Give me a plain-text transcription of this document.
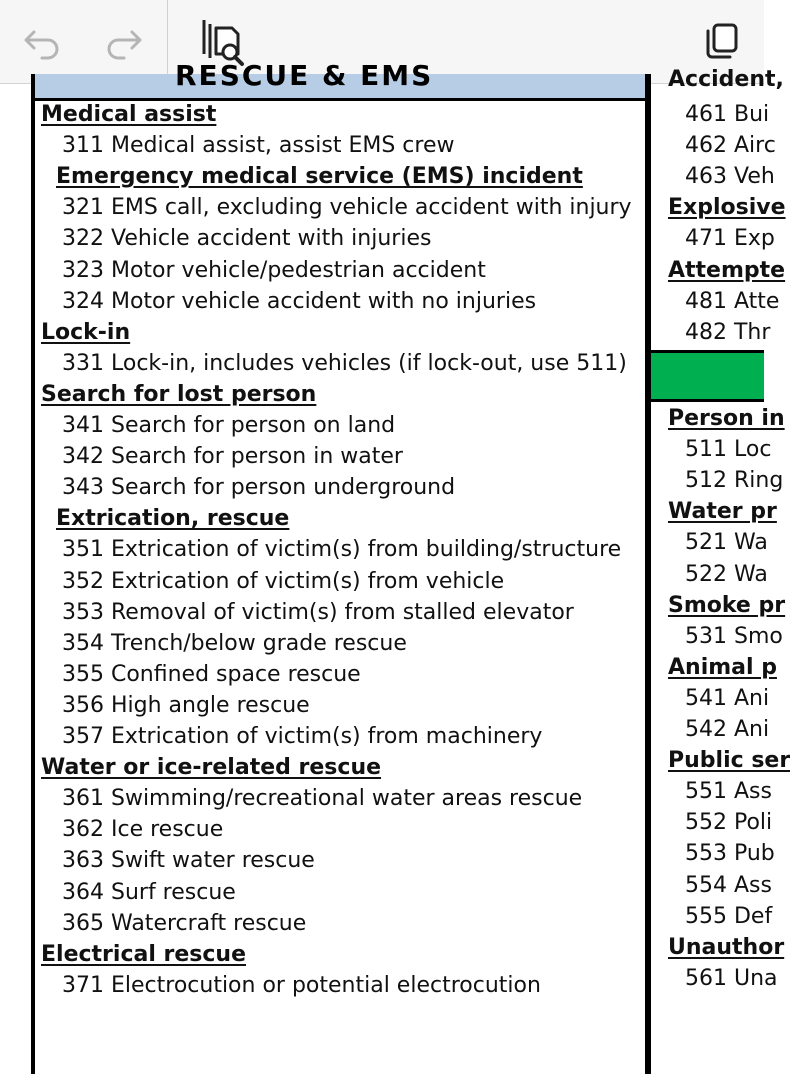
RESCUE & EMS
Medical assist
311 Medical assist, assist EMS crew
Emergency medical service (EMS) incident
321 EMS call, excluding vehicle accident with injury
322 Vehicle accident with injuries
323 Motor vehicle/pedestrian accident
324 Motor vehicle accident with no injuries
Lock-in
331 Lock-in, includes vehicles (if lock-out, use 511)
Search for lost person
341 Search for person on land
342 Search for person in water
343 Search for person underground
Extrication, rescue
351 Extrication of victim(s) from building/structure
352 Extrication of victim(s) from vehicle
353 Removal of victim(s) from stalled elevator
354 Trench/below grade rescue
355 Confined space rescue
356 High angle rescue
357 Extrication of victim(s) from machinery
Water or ice-related rescue
361 Swimming/recreational water areas rescue
362 Ice rescue
363 Swift water rescue
364 Surf rescue
365 Watercraft rescue
Electrical rescue
371 Electrocution or potential electrocution
Accident,
461 Bui
462 Airc
463 Veh
Explosive
471 Exp
Attempte
481 Atte
482 Thr
Person in
511 Loc
512 Ring
Water pr
521 Wa
522 Wa
Smoke pr
531 Smo
Animal p
541 Ani
542 Ani
Public ser
551 Ass
552 Poli
553 Pub
554 Ass
555 Def
Unauthor
561 Una
